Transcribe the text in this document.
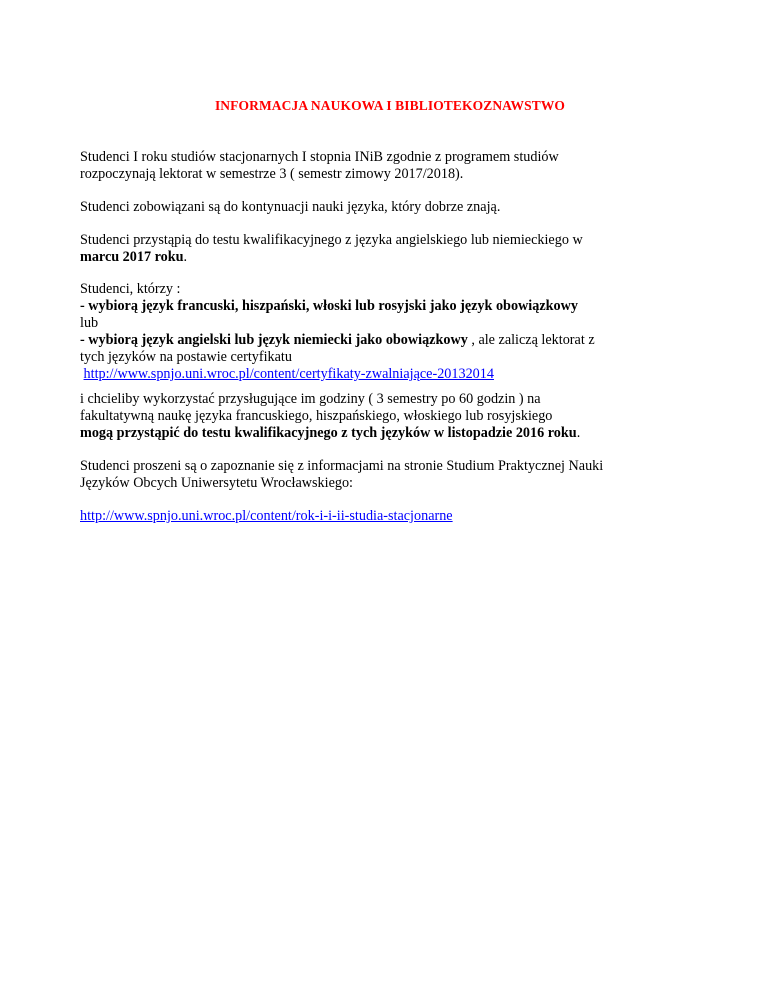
INFORMACJA NAUKOWA I BIBLIOTEKOZNAWSTWO
Studenci I roku studiów stacjonarnych I stopnia INiB zgodnie z programem studiów
rozpoczynają lektorat w semestrze 3 ( semestr zimowy 2017/2018).
Studenci zobowiązani są do kontynuacji nauki języka, który dobrze znają.
Studenci przystąpią do testu kwalifikacyjnego z języka angielskiego lub niemieckiego w
marcu 2017 roku.
Studenci, którzy :
- wybiorą język francuski, hiszpański, włoski lub rosyjski jako język obowiązkowy
lub
- wybiorą język angielski lub język niemiecki jako obowiązkowy , ale zaliczą lektorat z
tych języków na postawie certyfikatu
http://www.spnjo.uni.wroc.pl/content/certyfikaty-zwalniające-20132014
i chcieliby wykorzystać przysługujące im godziny ( 3 semestry po 60 godzin ) na
fakultatywną naukę języka francuskiego, hiszpańskiego, włoskiego lub rosyjskiego
mogą przystąpić do testu kwalifikacyjnego z tych języków w listopadzie 2016 roku.
Studenci proszeni są o zapoznanie się z informacjami na stronie Studium Praktycznej Nauki
Języków Obcych Uniwersytetu Wrocławskiego:
http://www.spnjo.uni.wroc.pl/content/rok-i-i-ii-studia-stacjonarne
